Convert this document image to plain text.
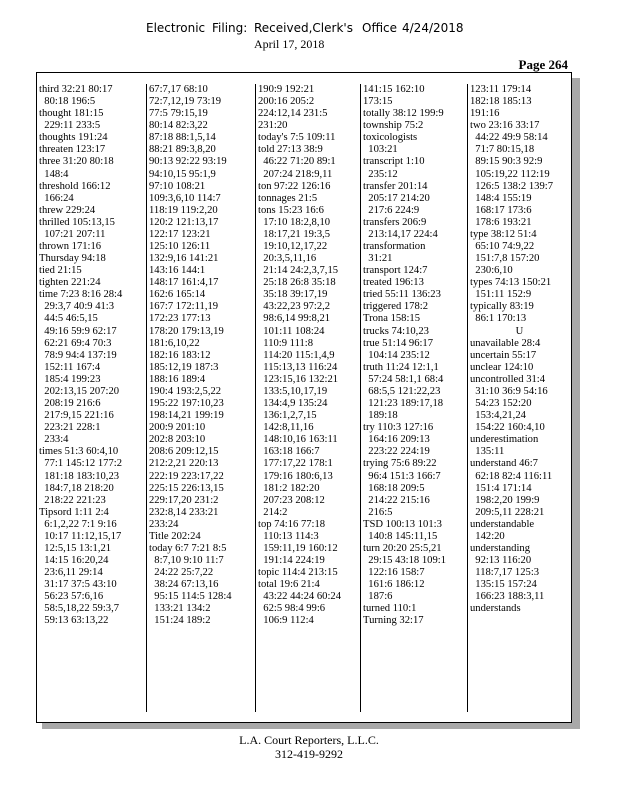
Electronic Filing: Received,Clerk's Office 4/24/2018
April 17, 2018
Page 264
third 32:21 80:17
80:18 196:5
thought 181:15
229:11 233:5
thoughts 191:24
threaten 123:17
three 31:20 80:18
148:4
threshold 166:12
166:24
threw 229:24
thrilled 105:13,15
107:21 207:11
thrown 171:16
Thursday 94:18
tied 21:15
tighten 221:24
time 7:23 8:16 28:4
29:3,7 40:9 41:3
44:5 46:5,15
49:16 59:9 62:17
62:21 69:4 70:3
78:9 94:4 137:19
152:11 167:4
185:4 199:23
202:13,15 207:20
208:19 216:6
217:9,15 221:16
223:21 228:1
233:4
times 51:3 60:4,10
77:1 145:12 177:2
181:18 183:10,23
184:7,18 218:20
218:22 221:23
Tipsord 1:11 2:4
6:1,2,22 7:1 9:16
10:17 11:12,15,17
12:5,15 13:1,21
14:15 16:20,24
23:6,11 29:14
31:17 37:5 43:10
56:23 57:6,16
58:5,18,22 59:3,7
59:13 63:13,22
67:7,17 68:10
72:7,12,19 73:19
77:5 79:15,19
80:14 82:3,22
87:18 88:1,5,14
88:21 89:3,8,20
90:13 92:22 93:19
94:10,15 95:1,9
97:10 108:21
109:3,6,10 114:7
118:19 119:2,20
120:2 121:13,17
122:17 123:21
125:10 126:11
132:9,16 141:21
143:16 144:1
148:17 161:4,17
162:6 165:14
167:7 172:11,19
172:23 177:13
178:20 179:13,19
181:6,10,22
182:16 183:12
185:12,19 187:3
188:16 189:4
190:4 193:2,5,22
195:22 197:10,23
198:14,21 199:19
200:9 201:10
202:8 203:10
208:6 209:12,15
212:2,21 220:13
222:19 223:17,22
225:15 226:13,15
229:17,20 231:2
232:8,14 233:21
233:24
Title 202:24
today 6:7 7:21 8:5
8:7,10 9:10 11:7
24:22 25:7,22
38:24 67:13,16
95:15 114:5 128:4
133:21 134:2
151:24 189:2
190:9 192:21
200:16 205:2
224:12,14 231:5
231:20
today's 7:5 109:11
told 27:13 38:9
46:22 71:20 89:1
207:24 218:9,11
ton 97:22 126:16
tonnages 21:5
tons 15:23 16:6
17:10 18:2,8,10
18:17,21 19:3,5
19:10,12,17,22
20:3,5,11,16
21:14 24:2,3,7,15
25:18 26:8 35:18
35:18 39:17,19
43:22,23 97:2,2
98:6,14 99:8,21
101:11 108:24
110:9 111:8
114:20 115:1,4,9
115:13,13 116:24
123:15,16 132:21
133:5,10,17,19
134:4,9 135:24
136:1,2,7,15
142:8,11,16
148:10,16 163:11
163:18 166:7
177:17,22 178:1
179:16 180:6,13
181:2 182:20
207:23 208:12
214:2
top 74:16 77:18
110:13 114:3
159:11,19 160:12
191:14 224:19
topic 114:4 213:15
total 19:6 21:4
43:22 44:24 60:24
62:5 98:4 99:6
106:9 112:4
141:15 162:10
173:15
totally 38:12 199:9
township 75:2
toxicologists
103:21
transcript 1:10
235:12
transfer 201:14
205:17 214:20
217:6 224:9
transfers 206:9
213:14,17 224:4
transformation
31:21
transport 124:7
treated 196:13
tried 55:11 136:23
triggered 178:2
Trona 158:15
trucks 74:10,23
true 51:14 96:17
104:14 235:12
truth 11:24 12:1,1
57:24 58:1,1 68:4
68:5,5 121:22,23
121:23 189:17,18
189:18
try 110:3 127:16
164:16 209:13
223:22 224:19
trying 75:6 89:22
96:4 151:3 166:7
168:18 209:5
214:22 215:16
216:5
TSD 100:13 101:3
140:8 145:11,15
turn 20:20 25:5,21
29:15 43:18 109:1
122:16 158:7
161:6 186:12
187:6
turned 110:1
Turning 32:17
123:11 179:14
182:18 185:13
191:16
two 23:16 33:17
44:22 49:9 58:14
71:7 80:15,18
89:15 90:3 92:9
105:19,22 112:19
126:5 138:2 139:7
148:4 155:19
168:17 173:6
178:6 193:21
type 38:12 51:4
65:10 74:9,22
151:7,8 157:20
230:6,10
types 74:13 150:21
151:11 152:9
typically 83:19
86:1 170:13
U
unavailable 28:4
uncertain 55:17
unclear 124:10
uncontrolled 31:4
31:10 36:9 54:16
54:23 152:20
153:4,21,24
154:22 160:4,10
underestimation
135:11
understand 46:7
62:18 82:4 116:11
151:4 171:14
198:2,20 199:9
209:5,11 228:21
understandable
142:20
understanding
92:13 116:20
118:7,17 125:3
135:15 157:24
166:23 188:3,11
understands
L.A. Court Reporters, L.L.C.
312-419-9292
